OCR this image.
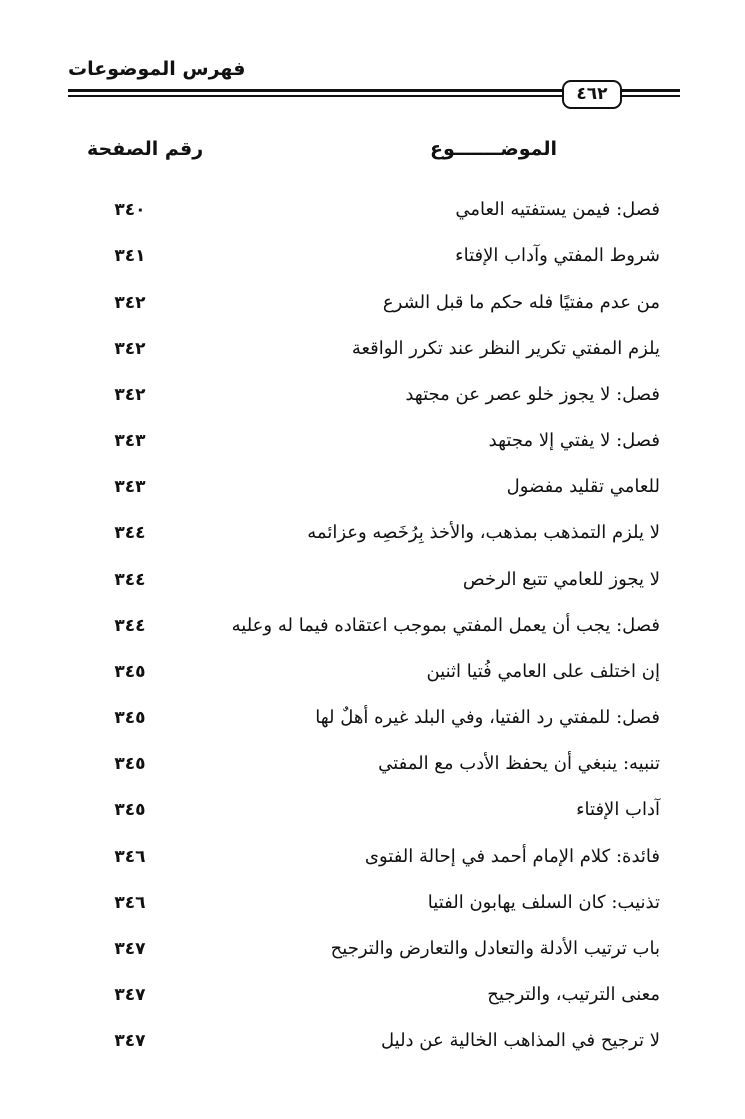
فهرس الموضوعات
٤٦٢
الموضـــــــوع
رقم الصفحة
فصل: فيمن يستفتيه العامي
٣٤٠
شروط المفتي وآداب الإفتاء
٣٤١
من عدم مفتيًا فله حكم ما قبل الشرع
٣٤٢
يلزم المفتي تكرير النظر عند تكرر الواقعة
٣٤٢
فصل: لا يجوز خلو عصر عن مجتهد
٣٤٢
فصل: لا يفتي إلا مجتهد
٣٤٣
للعامي تقليد مفضول
٣٤٣
لا يلزم التمذهب بمذهب، والأخذ بِرُخَصِه وعزائمه
٣٤٤
لا يجوز للعامي تتبع الرخص
٣٤٤
فصل: يجب أن يعمل المفتي بموجب اعتقاده فيما له وعليه
٣٤٤
إن اختلف على العامي فُتيا اثنين
٣٤٥
فصل: للمفتي رد الفتيا، وفي البلد غيره أهلٌ لها
٣٤٥
تنبيه: ينبغي أن يحفظ الأدب مع المفتي
٣٤٥
آداب الإفتاء
٣٤٥
فائدة: كلام الإمام أحمد في إحالة الفتوى
٣٤٦
تذنيب: كان السلف يهابون الفتيا
٣٤٦
باب ترتيب الأدلة والتعادل والتعارض والترجيح
٣٤٧
معنى الترتيب، والترجيح
٣٤٧
لا ترجيح في المذاهب الخالية عن دليل
٣٤٧
